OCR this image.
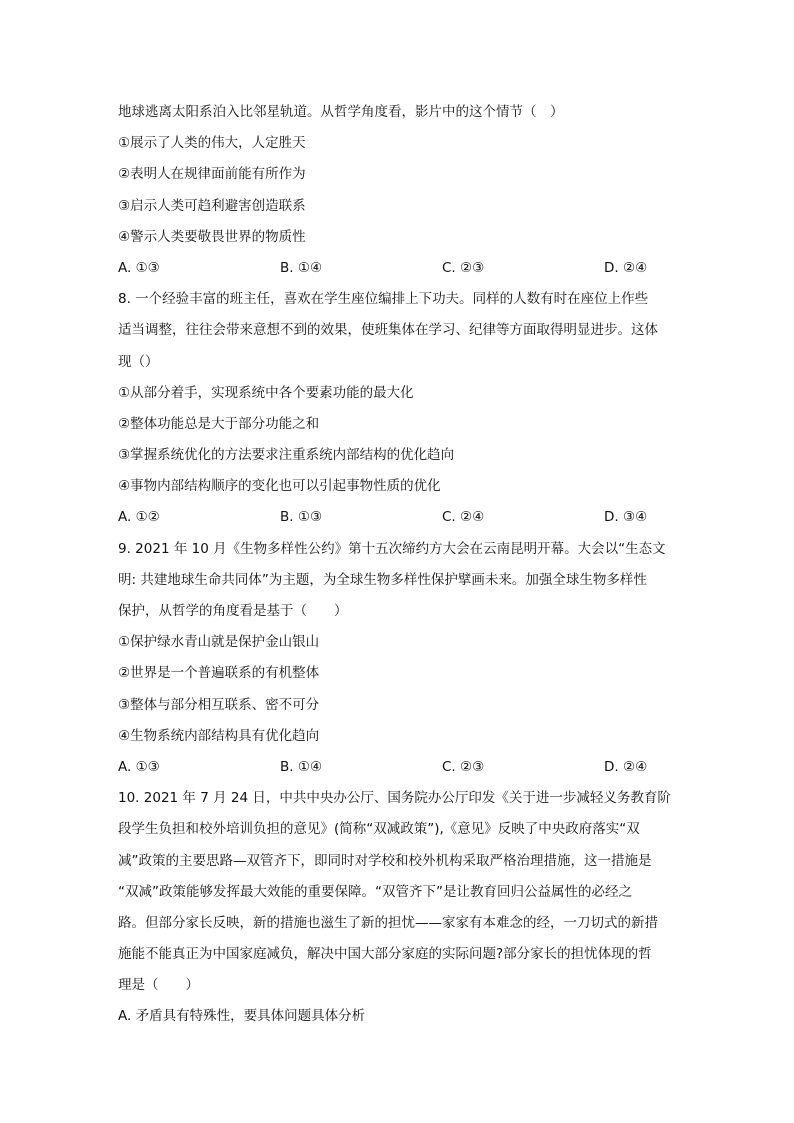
地球逃离太阳系泊入比邻星轨道。从哲学角度看，影片中的这个情节（　）
①展示了人类的伟大，人定胜天
②表明人在规律面前能有所作为
③启示人类可趋利避害创造联系
④警示人类要敬畏世界的物质性
A. ①③	B. ①④	C. ②③	D. ②④
8. 一个经验丰富的班主任，喜欢在学生座位编排上下功夫。同样的人数有时在座位上作些
适当调整，往往会带来意想不到的效果，使班集体在学习、纪律等方面取得明显进步。这体
现（）
①从部分着手，实现系统中各个要素功能的最大化
②整体功能总是大于部分功能之和
③掌握系统优化的方法要求注重系统内部结构的优化趋向
④事物内部结构顺序的变化也可以引起事物性质的优化
A. ①②	B. ①③	C. ②④	D. ③④
9. 2021 年 10 月《生物多样性公约》第十五次缔约方大会在云南昆明开幕。大会以“生态文
明: 共建地球生命共同体”为主题，为全球生物多样性保护擘画未来。加强全球生物多样性
保护，从哲学的角度看是基于（　　）
①保护绿水青山就是保护金山银山
②世界是一个普遍联系的有机整体
③整体与部分相互联系、密不可分
④生物系统内部结构具有优化趋向
A. ①③	B. ①④	C. ②③	D. ②④
10. 2021 年 7 月 24 日，中共中央办公厅、国务院办公厅印发《关于进一步减轻义务教育阶
段学生负担和校外培训负担的意见》(简称“双减政策”),《意见》反映了中央政府落实“双
减”政策的主要思路—双管齐下，即同时对学校和校外机构采取严格治理措施，这一措施是
“双减”政策能够发挥最大效能的重要保障。“双管齐下”是让教育回归公益属性的必经之
路。但部分家长反映，新的措施也滋生了新的担忧——家家有本难念的经，一刀切式的新措
施能不能真正为中国家庭减负，解决中国大部分家庭的实际问题?部分家长的担忧体现的哲
理是（　　）
A. 矛盾具有特殊性，要具体问题具体分析
